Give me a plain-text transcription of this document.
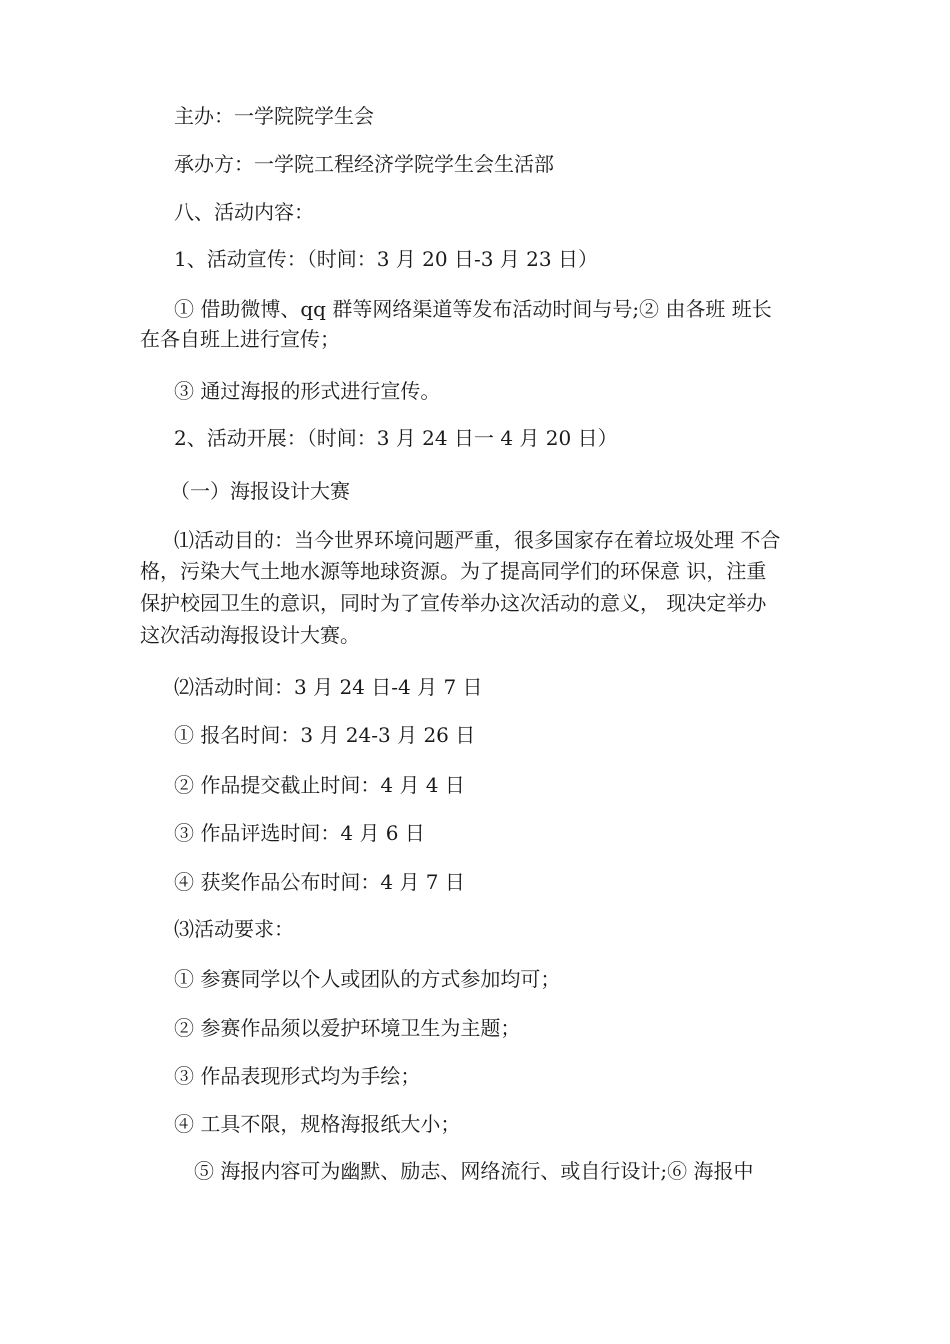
主办：一学院院学生会
承办方：一学院工程经济学院学生会生活部
八、活动内容：
1、活动宣传：（时间：3 月 20 日-3 月 23 日）
① 借助微博、qq 群等网络渠道等发布活动时间与号;② 由各班 班长
在各自班上进行宣传；
③ 通过海报的形式进行宣传。
2、活动开展：（时间：3 月 24 日一 4 月 20 日）
（一）海报设计大赛
⑴活动目的：当今世界环境问题严重，很多国家存在着垃圾处理 不合
格，污染大气土地水源等地球资源。为了提高同学们的环保意 识，注重
保护校园卫生的意识，同时为了宣传举办这次活动的意义， 现决定举办
这次活动海报设计大赛。
⑵活动时间：3 月 24 日-4 月 7 日
① 报名时间：3 月 24-3 月 26 日
② 作品提交截止时间：4 月 4 日
③ 作品评选时间：4 月 6 日
④ 获奖作品公布时间：4 月 7 日
⑶活动要求：
① 参赛同学以个人或团队的方式参加均可；
② 参赛作品须以爱护环境卫生为主题；
③ 作品表现形式均为手绘；
④ 工具不限，规格海报纸大小；
⑤ 海报内容可为幽默、励志、网络流行、或自行设计;⑥ 海报中
